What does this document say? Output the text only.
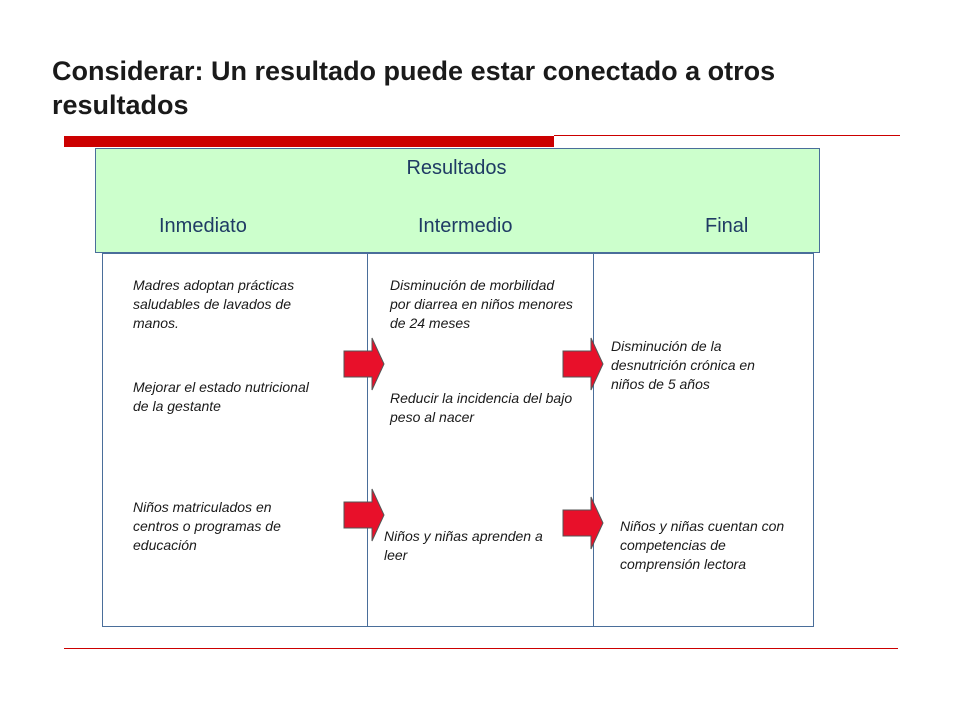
Considerar: Un resultado puede estar conectado a otros resultados
Resultados
Inmediato	Intermedio	Final

Madres adoptan prácticas saludables de lavados de manos.

Mejorar el estado nutricional de la gestante

Niños matriculados en centros o programas de educación

Disminución de morbilidad por diarrea en niños menores de 24 meses

Reducir la incidencia del bajo peso al nacer

Niños y niñas aprenden a leer

Disminución de la desnutrición crónica en niños de 5 años

Niños y niñas cuentan con competencias de comprensión lectora
